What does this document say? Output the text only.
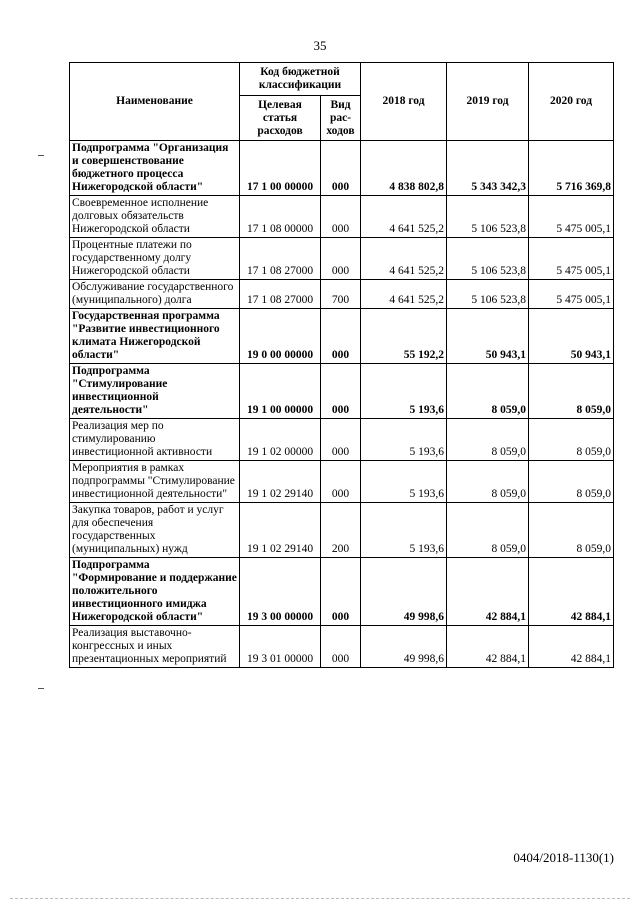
35
Наименование	Код бюджетной классификации		2018 год	2019 год	2020 год
	Целевая статья расходов	Вид рас-ходов			
Подпрограмма "Организация и совершенствование бюджетного процесса Нижегородской области"	17 1 00 00000	000	4 838 802,8	5 343 342,3	5 716 369,8
Своевременное исполнение долговых обязательств Нижегородской области	17 1 08 00000	000	4 641 525,2	5 106 523,8	5 475 005,1
Процентные платежи по государственному долгу Нижегородской области	17 1 08 27000	000	4 641 525,2	5 106 523,8	5 475 005,1
Обслуживание государственного (муниципального) долга	17 1 08 27000	700	4 641 525,2	5 106 523,8	5 475 005,1
Государственная программа "Развитие инвестиционного климата Нижегородской области"	19 0 00 00000	000	55 192,2	50 943,1	50 943,1
Подпрограмма "Стимулирование инвестиционной деятельности"	19 1 00 00000	000	5 193,6	8 059,0	8 059,0
Реализация мер по стимулированию инвестиционной активности	19 1 02 00000	000	5 193,6	8 059,0	8 059,0
Мероприятия в рамках подпрограммы "Стимулирование инвестиционной деятельности"	19 1 02 29140	000	5 193,6	8 059,0	8 059,0
Закупка товаров, работ и услуг для обеспечения государственных (муниципальных) нужд	19 1 02 29140	200	5 193,6	8 059,0	8 059,0
Подпрограмма "Формирование и поддержание положительного инвестиционного имиджа Нижегородской области"	19 3 00 00000	000	49 998,6	42 884,1	42 884,1
Реализация выставочно-конгрессных и иных презентационных мероприятий	19 3 01 00000	000	49 998,6	42 884,1	42 884,1
0404/2018-1130(1)
